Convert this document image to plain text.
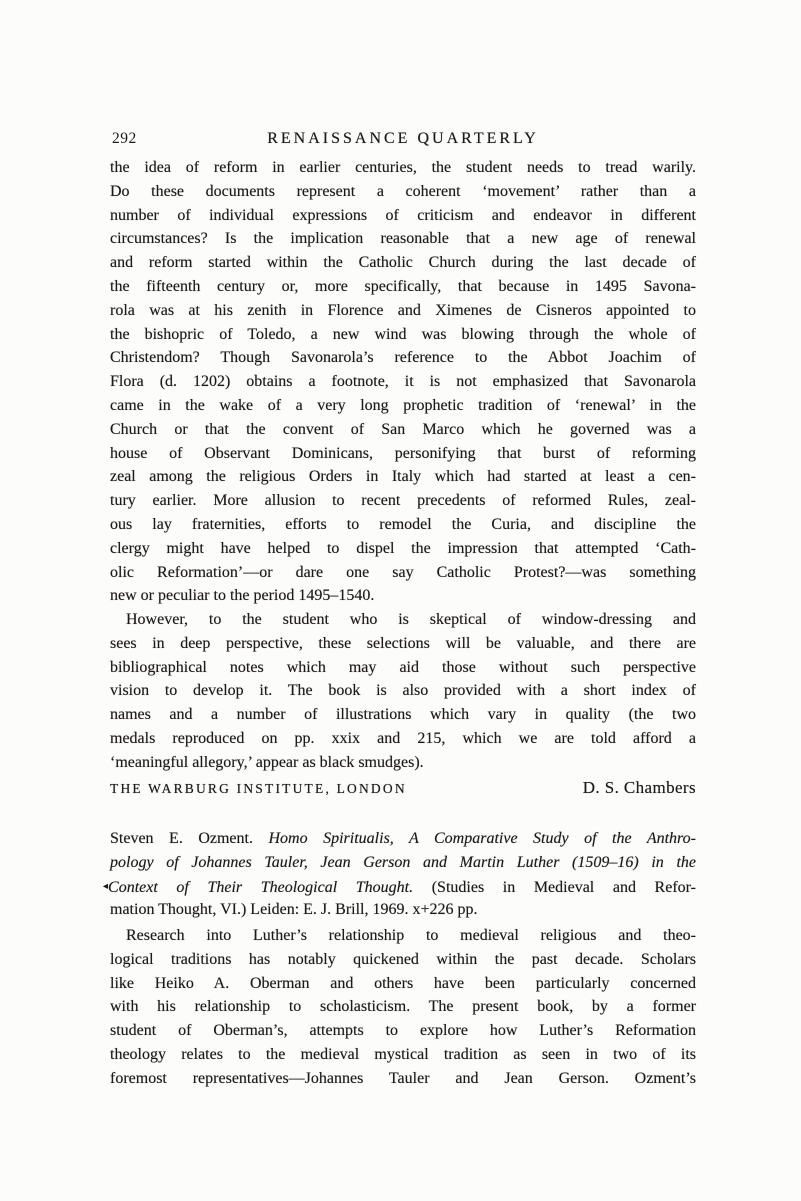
292	RENAISSANCE QUARTERLY
the idea of reform in earlier centuries, the student needs to tread warily.
Do these documents represent a coherent ‘movement’ rather than a
number of individual expressions of criticism and endeavor in different
circumstances? Is the implication reasonable that a new age of renewal
and reform started within the Catholic Church during the last decade of
the fifteenth century or, more specifically, that because in 1495 Savona-
rola was at his zenith in Florence and Ximenes de Cisneros appointed to
the bishopric of Toledo, a new wind was blowing through the whole of
Christendom? Though Savonarola’s reference to the Abbot Joachim of
Flora (d. 1202) obtains a footnote, it is not emphasized that Savonarola
came in the wake of a very long prophetic tradition of ‘renewal’ in the
Church or that the convent of San Marco which he governed was a
house of Observant Dominicans, personifying that burst of reforming
zeal among the religious Orders in Italy which had started at least a cen-
tury earlier. More allusion to recent precedents of reformed Rules, zeal-
ous lay fraternities, efforts to remodel the Curia, and discipline the
clergy might have helped to dispel the impression that attempted ‘Cath-
olic Reformation’—or dare one say Catholic Protest?—was something
new or peculiar to the period 1495–1540.
However, to the student who is skeptical of window-dressing and
sees in deep perspective, these selections will be valuable, and there are
bibliographical notes which may aid those without such perspective
vision to develop it. The book is also provided with a short index of
names and a number of illustrations which vary in quality (the two
medals reproduced on pp. xxix and 215, which we are told afford a
‘meaningful allegory,’ appear as black smudges).
THE WARBURG INSTITUTE, LONDON	D. S. Chambers
Steven E. Ozment. Homo Spiritualis, A Comparative Study of the Anthro-
pology of Johannes Tauler, Jean Gerson and Martin Luther (1509–16) in the
◂Context of Their Theological Thought. (Studies in Medieval and Refor-
mation Thought, VI.) Leiden: E. J. Brill, 1969. x+226 pp.
Research into Luther’s relationship to medieval religious and theo-
logical traditions has notably quickened within the past decade. Scholars
like Heiko A. Oberman and others have been particularly concerned
with his relationship to scholasticism. The present book, by a former
student of Oberman’s, attempts to explore how Luther’s Reformation
theology relates to the medieval mystical tradition as seen in two of its
foremost representatives—Johannes Tauler and Jean Gerson. Ozment’s
